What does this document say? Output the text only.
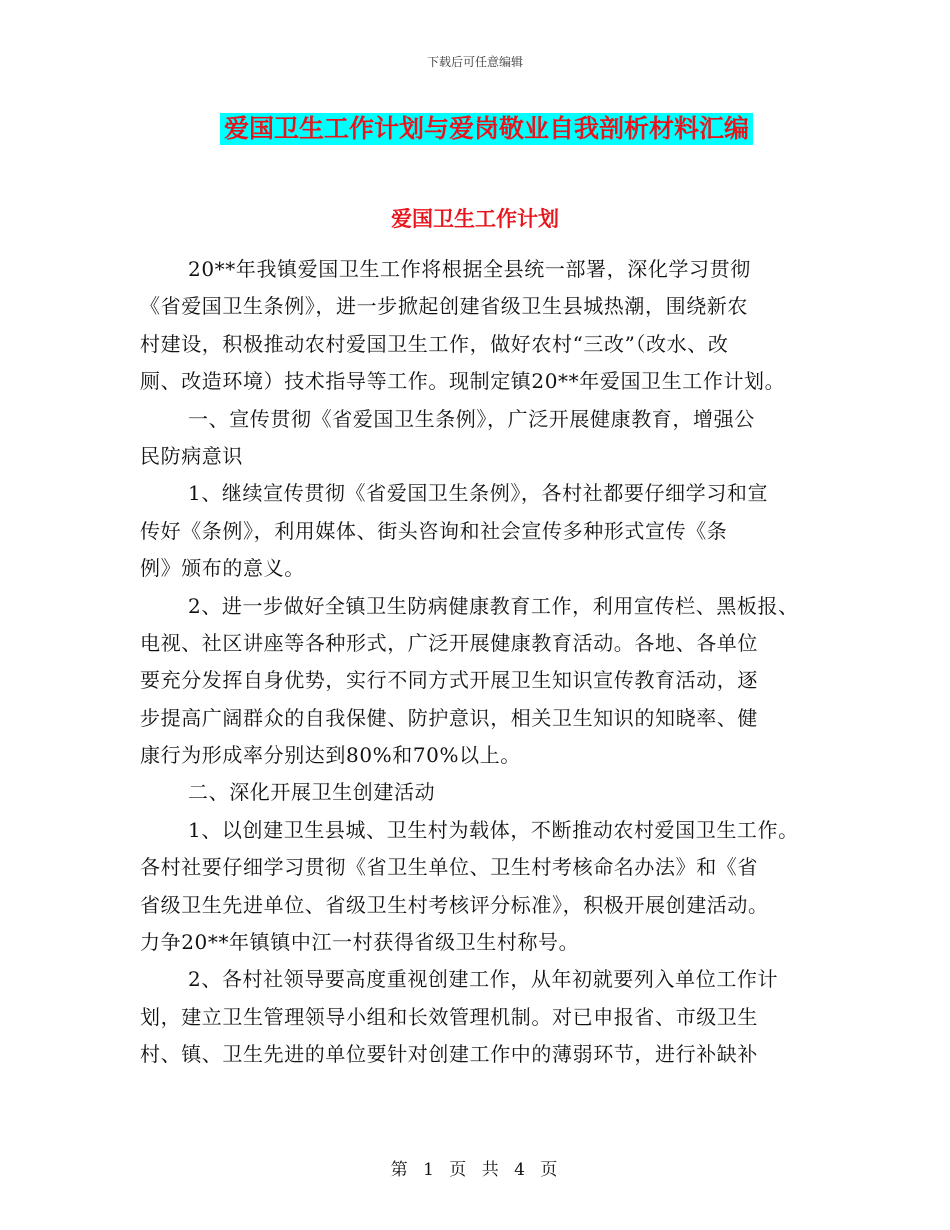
下载后可任意编辑
爱国卫生工作计划与爱岗敬业自我剖析材料汇编
爱国卫生工作计划
20**年我镇爱国卫生工作将根据全县统一部署，深化学习贯彻
《省爱国卫生条例》，进一步掀起创建省级卫生县城热潮，围绕新农
村建设，积极推动农村爱国卫生工作，做好农村“三改”（改水、改
厕、改造环境）技术指导等工作。现制定镇20**年爱国卫生工作计划。
一、宣传贯彻《省爱国卫生条例》，广泛开展健康教育，增强公
民防病意识
1、继续宣传贯彻《省爱国卫生条例》，各村社都要仔细学习和宣
传好《条例》，利用媒体、街头咨询和社会宣传多种形式宣传《条
例》颁布的意义。
2、进一步做好全镇卫生防病健康教育工作，利用宣传栏、黑板报、
电视、社区讲座等各种形式，广泛开展健康教育活动。各地、各单位
要充分发挥自身优势，实行不同方式开展卫生知识宣传教育活动，逐
步提高广阔群众的自我保健、防护意识，相关卫生知识的知晓率、健
康行为形成率分别达到80%和70%以上。
二、深化开展卫生创建活动
1、以创建卫生县城、卫生村为载体，不断推动农村爱国卫生工作。
各村社要仔细学习贯彻《省卫生单位、卫生村考核命名办法》和《省
省级卫生先进单位、省级卫生村考核评分标准》，积极开展创建活动。
力争20**年镇镇中江一村获得省级卫生村称号。
2、各村社领导要高度重视创建工作，从年初就要列入单位工作计
划，建立卫生管理领导小组和长效管理机制。对已申报省、市级卫生
村、镇、卫生先进的单位要针对创建工作中的薄弱环节，进行补缺补
第 1 页 共 4 页
